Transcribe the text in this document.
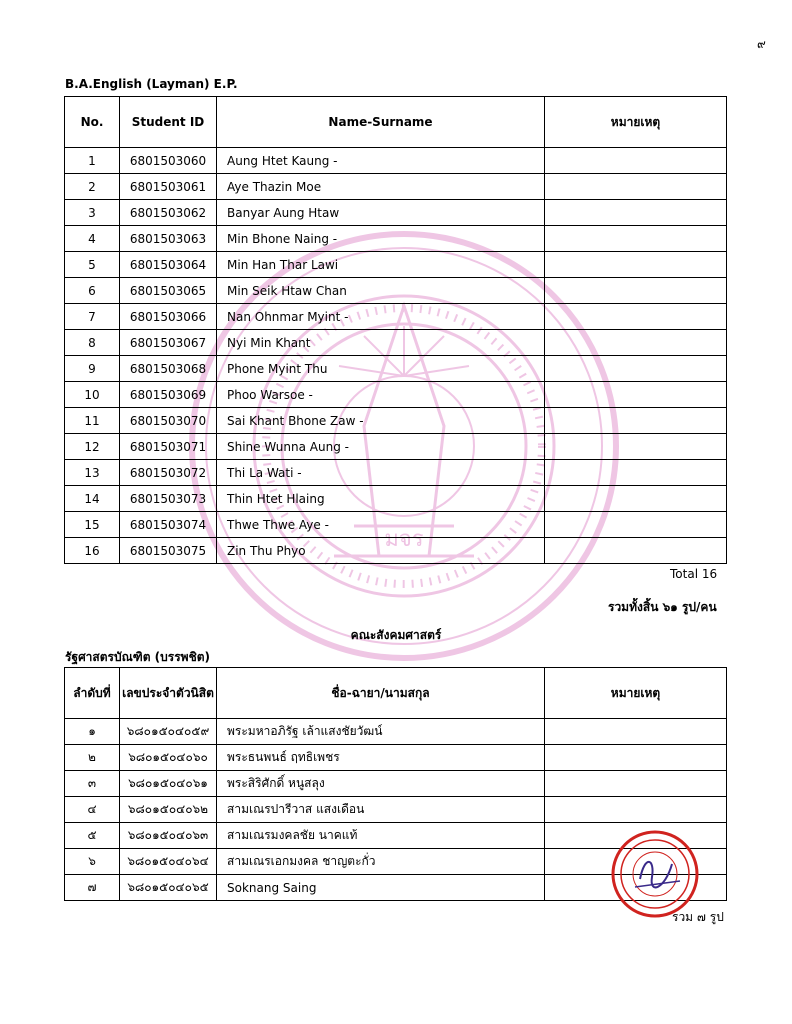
มจร
๙
B.A.English (Layman) E.P.
No.	Student ID	Name-Surname	หมายเหตุ
1	6801503060	Aung Htet Kaung -	
2	6801503061	Aye Thazin Moe	
3	6801503062	Banyar Aung Htaw	
4	6801503063	Min Bhone Naing -	
5	6801503064	Min Han Thar Lawi	
6	6801503065	Min Seik Htaw Chan	
7	6801503066	Nan Ohnmar Myint -	
8	6801503067	Nyi Min Khant	
9	6801503068	Phone Myint Thu	
10	6801503069	Phoo Warsoe -	
11	6801503070	Sai Khant Bhone Zaw -	
12	6801503071	Shine Wunna Aung -	
13	6801503072	Thi La Wati -	
14	6801503073	Thin Htet Hlaing	
15	6801503074	Thwe Thwe Aye -	
16	6801503075	Zin Thu Phyo	
Total 16
รวมทั้งสิ้น ๖๑ รูป/คน
คณะสังคมศาสตร์
รัฐศาสตรบัณฑิต (บรรพชิต)
ลำดับที่	เลขประจำตัวนิสิต	ชื่อ-ฉายา/นามสกุล	หมายเหตุ
๑	๖๘๐๑๕๐๔๐๕๙	พระมหาอภิรัฐ เล้าแสงชัยวัฒน์	
๒	๖๘๐๑๕๐๔๐๖๐	พระธนพนธ์ ฤทธิเพชร	
๓	๖๘๐๑๕๐๔๐๖๑	พระสิริศักดิ์ หนูสลุง	
๔	๖๘๐๑๕๐๔๐๖๒	สามเณรปารีวาส แสงเดือน	
๕	๖๘๐๑๕๐๔๐๖๓	สามเณรมงคลชัย นาคแท้	
๖	๖๘๐๑๕๐๔๐๖๔	สามเณรเอกมงคล ชาญตะกั่ว	
๗	๖๘๐๑๕๐๔๐๖๕	Soknang Saing	
รวม ๗ รูป
